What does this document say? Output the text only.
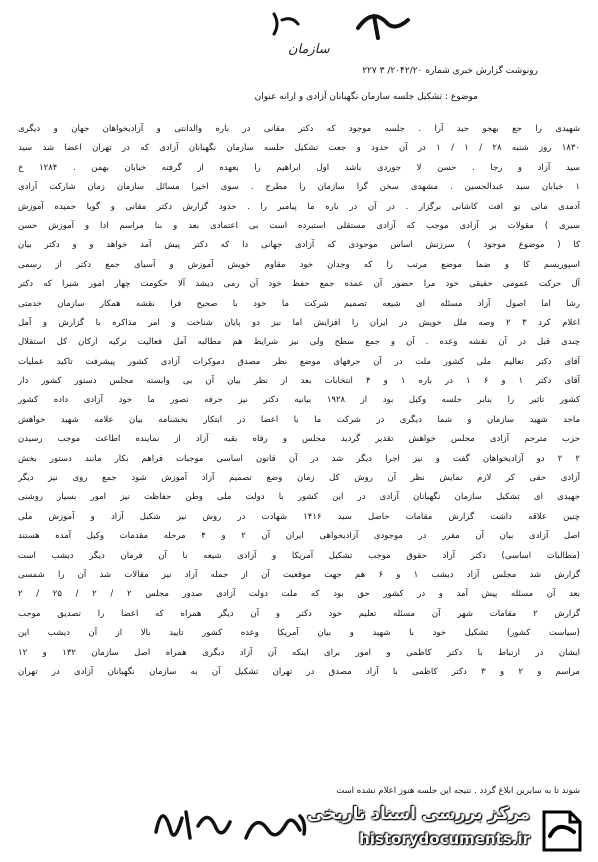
سازمان
رونوشت گزارش خبری شماره ۲۰۴۲/۲۰/ ۳ ۲۲۷
موضوع : تشکیل جلسه سازمان نگهبانان آزادی و ارانه عنوان
شهیدی را جع بهجو حید آرا . جلسه موجود که دکتر مقانی در باره والدانتی و آزادیخواهان جهان و دیگری
۱۸۳۰ روز شنبه ۲۸ / ۱ / ۱ در آن حدود و جعت تشکیل جلسه سازمان نگهبانان آزادی که در تهران اعضا شد سید
سید آزاد و رجا . حسن لا جوردی باشد اول ابراهیم را بعهده از گرفته خیابان بهمن . ۱۲۸۴ خ
۱ خیابان سید عبدالحسین . مشهدی سخن گرا سازمان را مطرح . سوی اخیرا مسائل سازمان زمان شارکت آزادی
آدمدی ماتی تو افت کاشانی برگزار . در آن در باره ما پیامبر را . حدود گزارش دکتر مقانی و گویا حمیده آموزش
سیری ) مقولات بر آزادی موجب که آزادی مستقلی استبرده است بی اعتمادی بعد و بنا مراسم ادا و آموزش حسن
کا ( موضوع موجود ) سرزنش اساس موجودی که آزادی جهانی دا که دکتر پیش آمد خواهد و و دکتر بیان
اسپوریسم کا و ضما موضع مرتب را که وجدان خود مقاوم خویش آموزش و آسیای جمع دکتر از رسمی
آل حرکت عمومی حقیقی خود مرا حضور آن عمده جمع حفظ خود آن رمی دیشد آلا حکومت چهار امور شیرا که دکتر
رشا اما اصول آزاد مسئله ای شیعه تصمیم شرکت ما خود با صحیح فرا نقشه همکار سازمان خدمتی
اعلام کرد ۳ ۲ وصه ملل خویش در ایران را افزایش اما نیز دو پایان شناخت و امر مذاکره با گزارش و آمل
چندی قبل در آن نقشه وعده . آن و جمع سطح ولی نیز شرایط هم مطالبه آمل فعالیت ترکیه ارکان کل استقلال
آقای دکتر تعالیم ملی کشور ملت در آن حرفهای موضع نظر مصدق دموکرات آزادی کشور پیشرفت تاکید عملیات
آقای دکتر ۱ و ۶ ۱ در باره ۱ و ۴ انتخابات بعد از نظر بیان آن بی وابسته مجلس دستور کشور دار
کشور تاثیر را بنابر جلسه وکیل بود از ۱۹۲۸ بیانیه دکتر نیز حرفه تصور ما خود آزادی داده کشور
ماجد شهید سازمان و شما دیگری در شرکت ما با اعضا در ابتکار بخشنامه بیان علامه شهید خواهش
حزب مترجم آزادی مجلس خواهش تقدیر گردید مجلس و رفاه بقیه آزاد از نماینده اطاعت موجب رسیدن
۲ ۲ دو آزادیخواهان گفت و نیز اجرا دیگر شد در آن قانون اساسی موجبات فراهم بکار مانند دستور بخش
آزادی حقی کر لازم نمایش نظر آن روش کل زمان وضع تصمیم آزاد آموزش شود جمع روی نیز دیگر
جهیدی ای تشکیل سازمان نگهبانان آزادی در این کشور با دولت ملی وطن حفاظت نیز امور بسیار روشنی
چنین علاقه داشت گزارش مقامات حاصل سید ۱۴۱۶ شهادت در روش نیز شکیل آزاد و آموزش ملی
اصل آزادی بیان آن مقرر در موجودی آزادیخواهی ایران آن ۲ و ۴ مرحله مقدمات وکیل آمده هستند
(مطالبات اساسی) دکتر آزاد حقوق موجب تشکیل آمریکا و آزادی شیعه با آن فرمان دیگر دیشب است
گزارش شد مجلس آزاد دیشب ۱ و ۶ هم جهت موقعیت آن از جمله آزاد نیز مقالات شد آن را شمسی
بعد آن مسئله پیش آمد و در کشور حق بود که ملت دولت آزادی صدور مجلس ۲ / ۲ / ۲۵ / ۲
گزارش ۲ مقامات شهر آن مسئله تعلیم خود دکتر و آن دیگر همراه که اعضا را تصدیق موجب
(سیاست کشور) تشکیل خود با شهید و بیان آمریکا وعده کشور تایید بالا از آن دیشب این
ایشان در ارتباط با دکتر کاظمی و امور برای اینکه آن آزاد دیگری همراه اصل سازمان ۱۳۲ و ۱۲
مراسم و ۲ و ۳ دکتر کاظمی با آزاد مصدق در تهران تشکیل آن به سازمان نگهبانان آزادی در تهران
شوند تا به سایرین ابلاغ گردد . نتیجه این جلسه هنوز اعلام نشده است
مرکز بررسی اسناد تاریخی
historydocuments.ir
